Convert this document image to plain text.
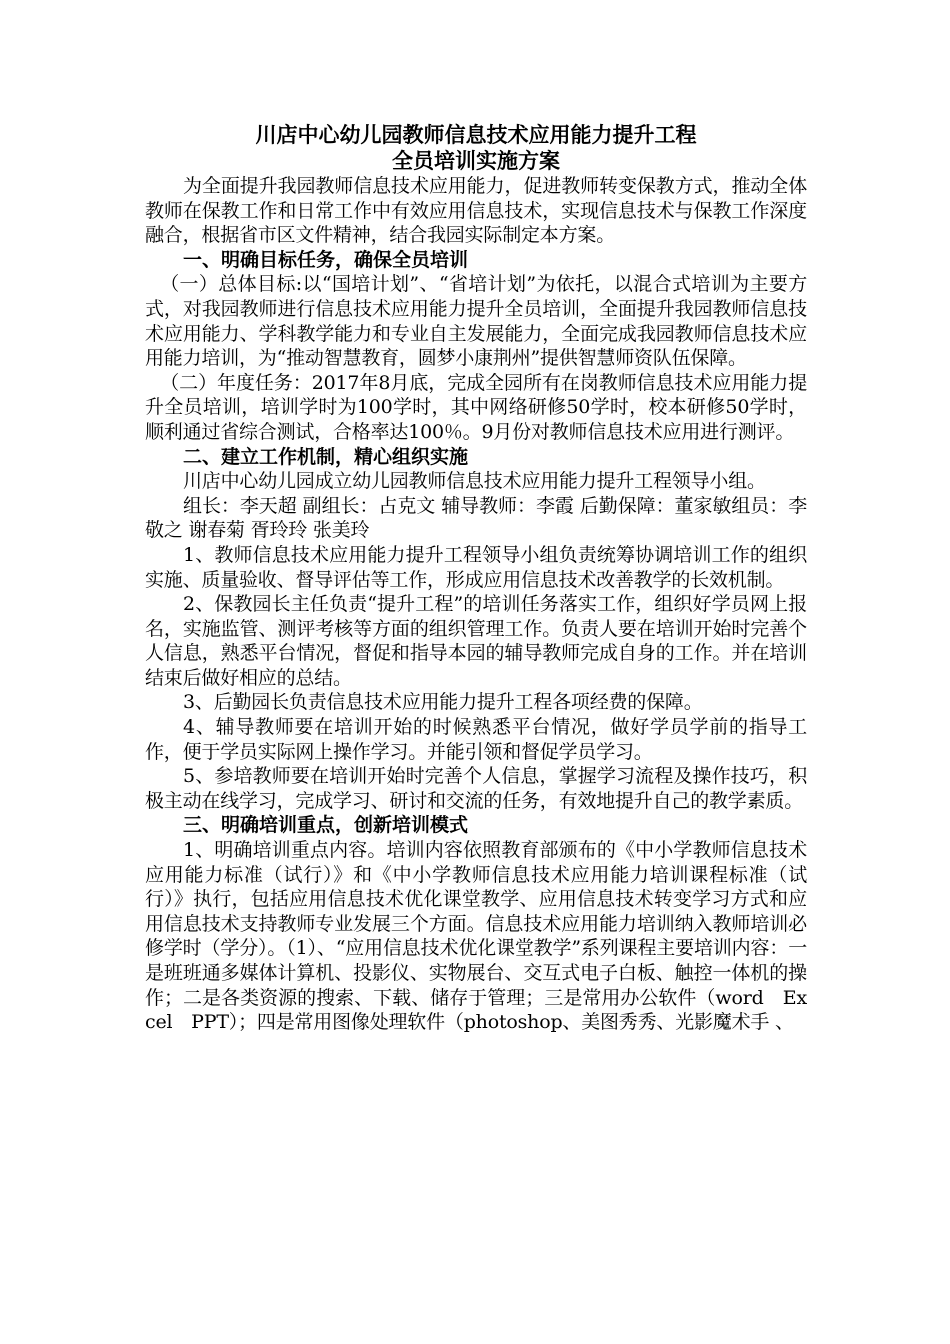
川店中心幼儿园教师信息技术应用能力提升工程
全员培训实施方案

为全面提升我园教师信息技术应用能力，促进教师转变保教方式，推动全体教师在保教工作和日常工作中有效应用信息技术，实现信息技术与保教工作深度融合，根据省市区文件精神，结合我园实际制定本方案。

一、明确目标任务，确保全员培训

（一）总体目标:以“国培计划”、“省培计划”为依托，以混合式培训为主要方式，对我园教师进行信息技术应用能力提升全员培训，全面提升我园教师信息技术应用能力、学科教学能力和专业自主发展能力，全面完成我园教师信息技术应用能力培训，为“推动智慧教育，圆梦小康荆州”提供智慧师资队伍保障。

（二）年度任务：2017年8月底，完成全园所有在岗教师信息技术应用能力提升全员培训，培训学时为100学时，其中网络研修50学时，校本研修50学时，顺利通过省综合测试，合格率达100％。9月份对教师信息技术应用进行测评。

二、建立工作机制，精心组织实施

川店中心幼儿园成立幼儿园教师信息技术应用能力提升工程领导小组。

组长：李天超 副组长：占克文 辅导教师：李霞 后勤保障：董家敏组员：李敬之 谢春菊 胥玲玲 张美玲

1、教师信息技术应用能力提升工程领导小组负责统筹协调培训工作的组织实施、质量验收、督导评估等工作，形成应用信息技术改善教学的长效机制。

2、保教园长主任负责“提升工程”的培训任务落实工作，组织好学员网上报名，实施监管、测评考核等方面的组织管理工作。负责人要在培训开始时完善个人信息，熟悉平台情况，督促和指导本园的辅导教师完成自身的工作。并在培训结束后做好相应的总结。

3、后勤园长负责信息技术应用能力提升工程各项经费的保障。

4、辅导教师要在培训开始的时候熟悉平台情况，做好学员学前的指导工作，便于学员实际网上操作学习。并能引领和督促学员学习。

5、参培教师要在培训开始时完善个人信息，掌握学习流程及操作技巧，积极主动在线学习，完成学习、研讨和交流的任务，有效地提升自己的教学素质。

三、明确培训重点，创新培训模式

1、明确培训重点内容。培训内容依照教育部颁布的《中小学教师信息技术应用能力标准（试行）》和《中小学教师信息技术应用能力培训课程标准（试行）》执行，包括应用信息技术优化课堂教学、应用信息技术转变学习方式和应用信息技术支持教师专业发展三个方面。信息技术应用能力培训纳入教师培训必修学时（学分）。（1）、“应用信息技术优化课堂教学”系列课程主要培训内容：一是班班通多媒体计算机、投影仪、实物展台、交互式电子白板、触控一体机的操作；二是各类资源的搜索、下载、储存于管理；三是常用办公软件（word　Excel　PPT）；四是常用图像处理软件（photoshop、美图秀秀、光影魔术手 、
